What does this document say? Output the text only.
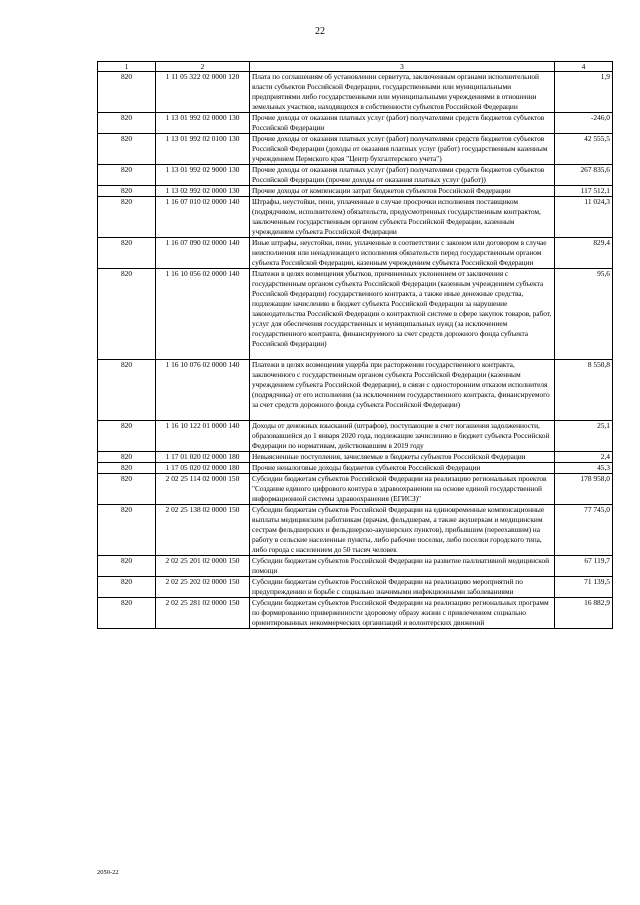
22
1	2	3	4
820	1 11 05 322 02 0000 120	Плата по соглашениям об установлении сервитута, заключенным органами исполнительной власти субъектов Российской Федерации, государственными или муниципальными предприятиями либо государственными или муниципальными учреждениями в отношении земельных участков, находящихся в собственности субъектов Российской Федерации	1,9
820	1 13 01 992 02 0000 130	Прочие доходы от оказания платных услуг (работ) получателями средств бюджетов субъектов Российской Федерации	-246,0
820	1 13 01 992 02 0100 130	Прочие доходы от оказания платных услуг (работ) получателями средств бюджетов субъектов Российской Федерации (доходы от оказания платных услуг (работ) государственным казенным учреждением Пермского края "Центр бухгалтерского учета")	42 555,5
820	1 13 01 992 02 9000 130	Прочие доходы от оказания платных услуг (работ) получателями средств бюджетов субъектов Российской Федерации (прочие доходы от оказания платных услуг (работ))	267 835,6
820	1 13 02 992 02 0000 130	Прочие доходы от компенсации затрат бюджетов субъектов Российской Федерации	117 512,1
820	1 16 07 010 02 0000 140	Штрафы, неустойки, пени, уплаченные в случае просрочки исполнения поставщиком (подрядчиком, исполнителем) обязательств, предусмотренных государственным контрактом, заключенным государственным органом субъекта Российской Федерации, казенным учреждением субъекта Российской Федерации	11 024,3
820	1 16 07 090 02 0000 140	Иные штрафы, неустойки, пени, уплаченные в соответствии с законом или договором в случае неисполнения или ненадлежащего исполнения обязательств перед государственным органом субъекта Российской Федерации, казенным учреждением субъекта Российской Федерации	829,4
820	1 16 10 056 02 0000 140	Платежи в целях возмещения убытков, причиненных уклонением от заключения с государственным органом субъекта Российской Федерации (казенным учреждением субъекта Российской Федерации) государственного контракта, а также иные денежные средства, подлежащие зачислению в бюджет субъекта Российской Федерации за нарушение законодательства Российской Федерации о контрактной системе в сфере закупок товаров, работ, услуг для обеспечения государственных и муниципальных нужд (за исключением государственного контракта, финансируемого за счет средств дорожного фонда субъекта Российской Федерации)	95,6
820	1 16 10 076 02 0000 140	Платежи в целях возмещения ущерба при расторжении государственного контракта, заключенного с государственным органом субъекта Российской Федерации (казенным учреждением субъекта Российской Федерации), в связи с односторонним отказом исполнителя (подрядчика) от его исполнения (за исключением государственного контракта, финансируемого за счет средств дорожного фонда субъекта Российской Федерации)	8 550,8
820	1 16 10 122 01 0000 140	Доходы от денежных взысканий (штрафов), поступающие в счет погашения задолженности, образовавшейся до 1 января 2020 года, подлежащие зачислению в бюджет субъекта Российской Федерации по нормативам, действовавшим в 2019 году	25,1
820	1 17 01 020 02 0000 180	Невыясненные поступления, зачисляемые в бюджеты субъектов Российской Федерации	2,4
820	1 17 05 020 02 0000 180	Прочие неналоговые доходы бюджетов субъектов Российской Федерации	45,3
820	2 02 25 114 02 0000 150	Субсидии бюджетам субъектов Российской Федерации на реализацию региональных проектов "Создание единого цифрового контура в здравоохранении на основе единой государственной информационной системы здравоохранения (ЕГИСЗ)"	178 958,0
820	2 02 25 138 02 0000 150	Субсидии бюджетам субъектов Российской Федерации на единовременные компенсационные выплаты медицинским работникам (врачам, фельдшерам, а также акушеркам и медицинским сестрам фельдшерских и фельдшерско-акушерских пунктов), прибывшим (переехавшим) на работу в сельские населенные пункты, либо рабочие поселки, либо поселки городского типа, либо города с населением до 50 тысяч человек	77 745,0
820	2 02 25 201 02 0000 150	Субсидии бюджетам субъектов Российской Федерации на развитие паллиативной медицинской помощи	67 119,7
820	2 02 25 202 02 0000 150	Субсидии бюджетам субъектов Российской Федерации на реализацию мероприятий по предупреждению и борьбе с социально значимыми инфекционными заболеваниями	71 139,5
820	2 02 25 281 02 0000 150	Субсидии бюджетам субъектов Российской Федерации на реализацию региональных программ по формированию приверженности здоровому образу жизни с привлечением социально ориентированных некоммерческих организаций и волонтерских движений	16 882,9
2050-22
